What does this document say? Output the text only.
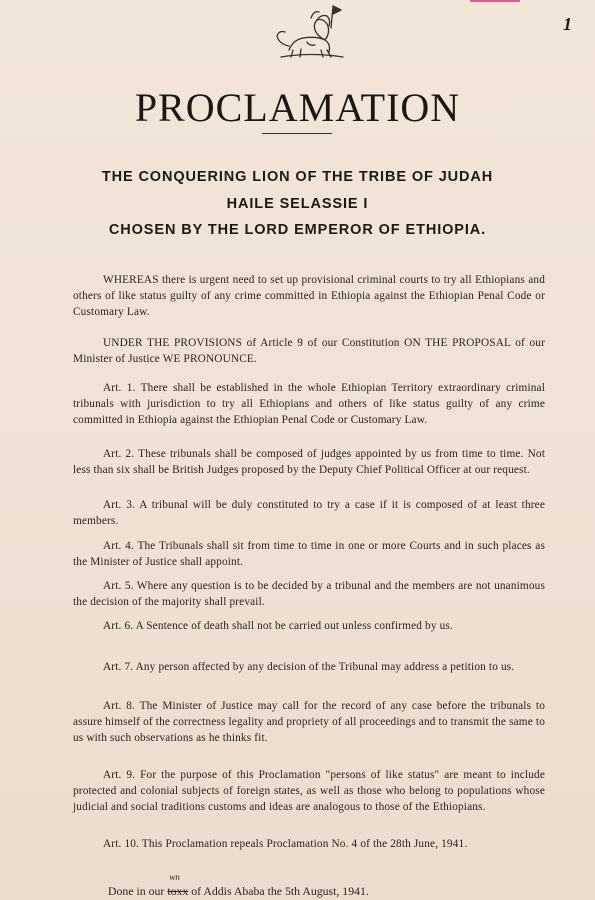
1
PROCLAMATION
THE CONQUERING LION OF THE TRIBE OF JUDAH
HAILE SELASSIE I
CHOSEN BY THE LORD EMPEROR OF ETHIOPIA.

WHEREAS there is urgent need to set up provisional criminal courts to try all Ethiopians and others of like status guilty of any crime committed in Ethiopia against the Ethiopian Penal Code or Customary Law.

UNDER THE PROVISIONS of Article 9 of our Constitution ON THE PROPOSAL of our Minister of Justice WE PRONOUNCE.

Art. 1. There shall be established in the whole Ethiopian Territory extraordinary criminal tribunals with jurisdiction to try all Ethiopians and others of like status guilty of any crime committed in Ethiopia against the Ethiopian Penal Code or Customary Law.

Art. 2. These tribunals shall be composed of judges appointed by us from time to time. Not less than six shall be British Judges proposed by the Deputy Chief Political Officer at our request.

Art. 3. A tribunal will be duly constituted to try a case if it is composed of at least three members.

Art. 4. The Tribunals shall sit from time to time in one or more Courts and in such places as the Minister of Justice shall appoint.

Art. 5. Where any question is to be decided by a tribunal and the members are not unanimous the decision of the majority shall prevail.

Art. 6. A Sentence of death shall not be carried out unless confirmed by us.

Art. 7. Any person affected by any decision of the Tribunal may address a petition to us.

Art. 8. The Minister of Justice may call for the record of any case before the tribunals to assure himself of the correctness legality and propriety of all proceedings and to transmit the same to us with such observations as he thinks fit.

Art. 9. For the purpose of this Proclamation "persons of like status" are meant to include protected and colonial subjects of foreign states, as well as those who belong to populations whose judicial and social traditions customs and ideas are analogous to those of the Ethiopians.

Art. 10. This Proclamation repeals Proclamation No. 4 of the 28th June, 1941.

Done in our
wn
toxx of Addis Ababa the 5th August, 1941.
